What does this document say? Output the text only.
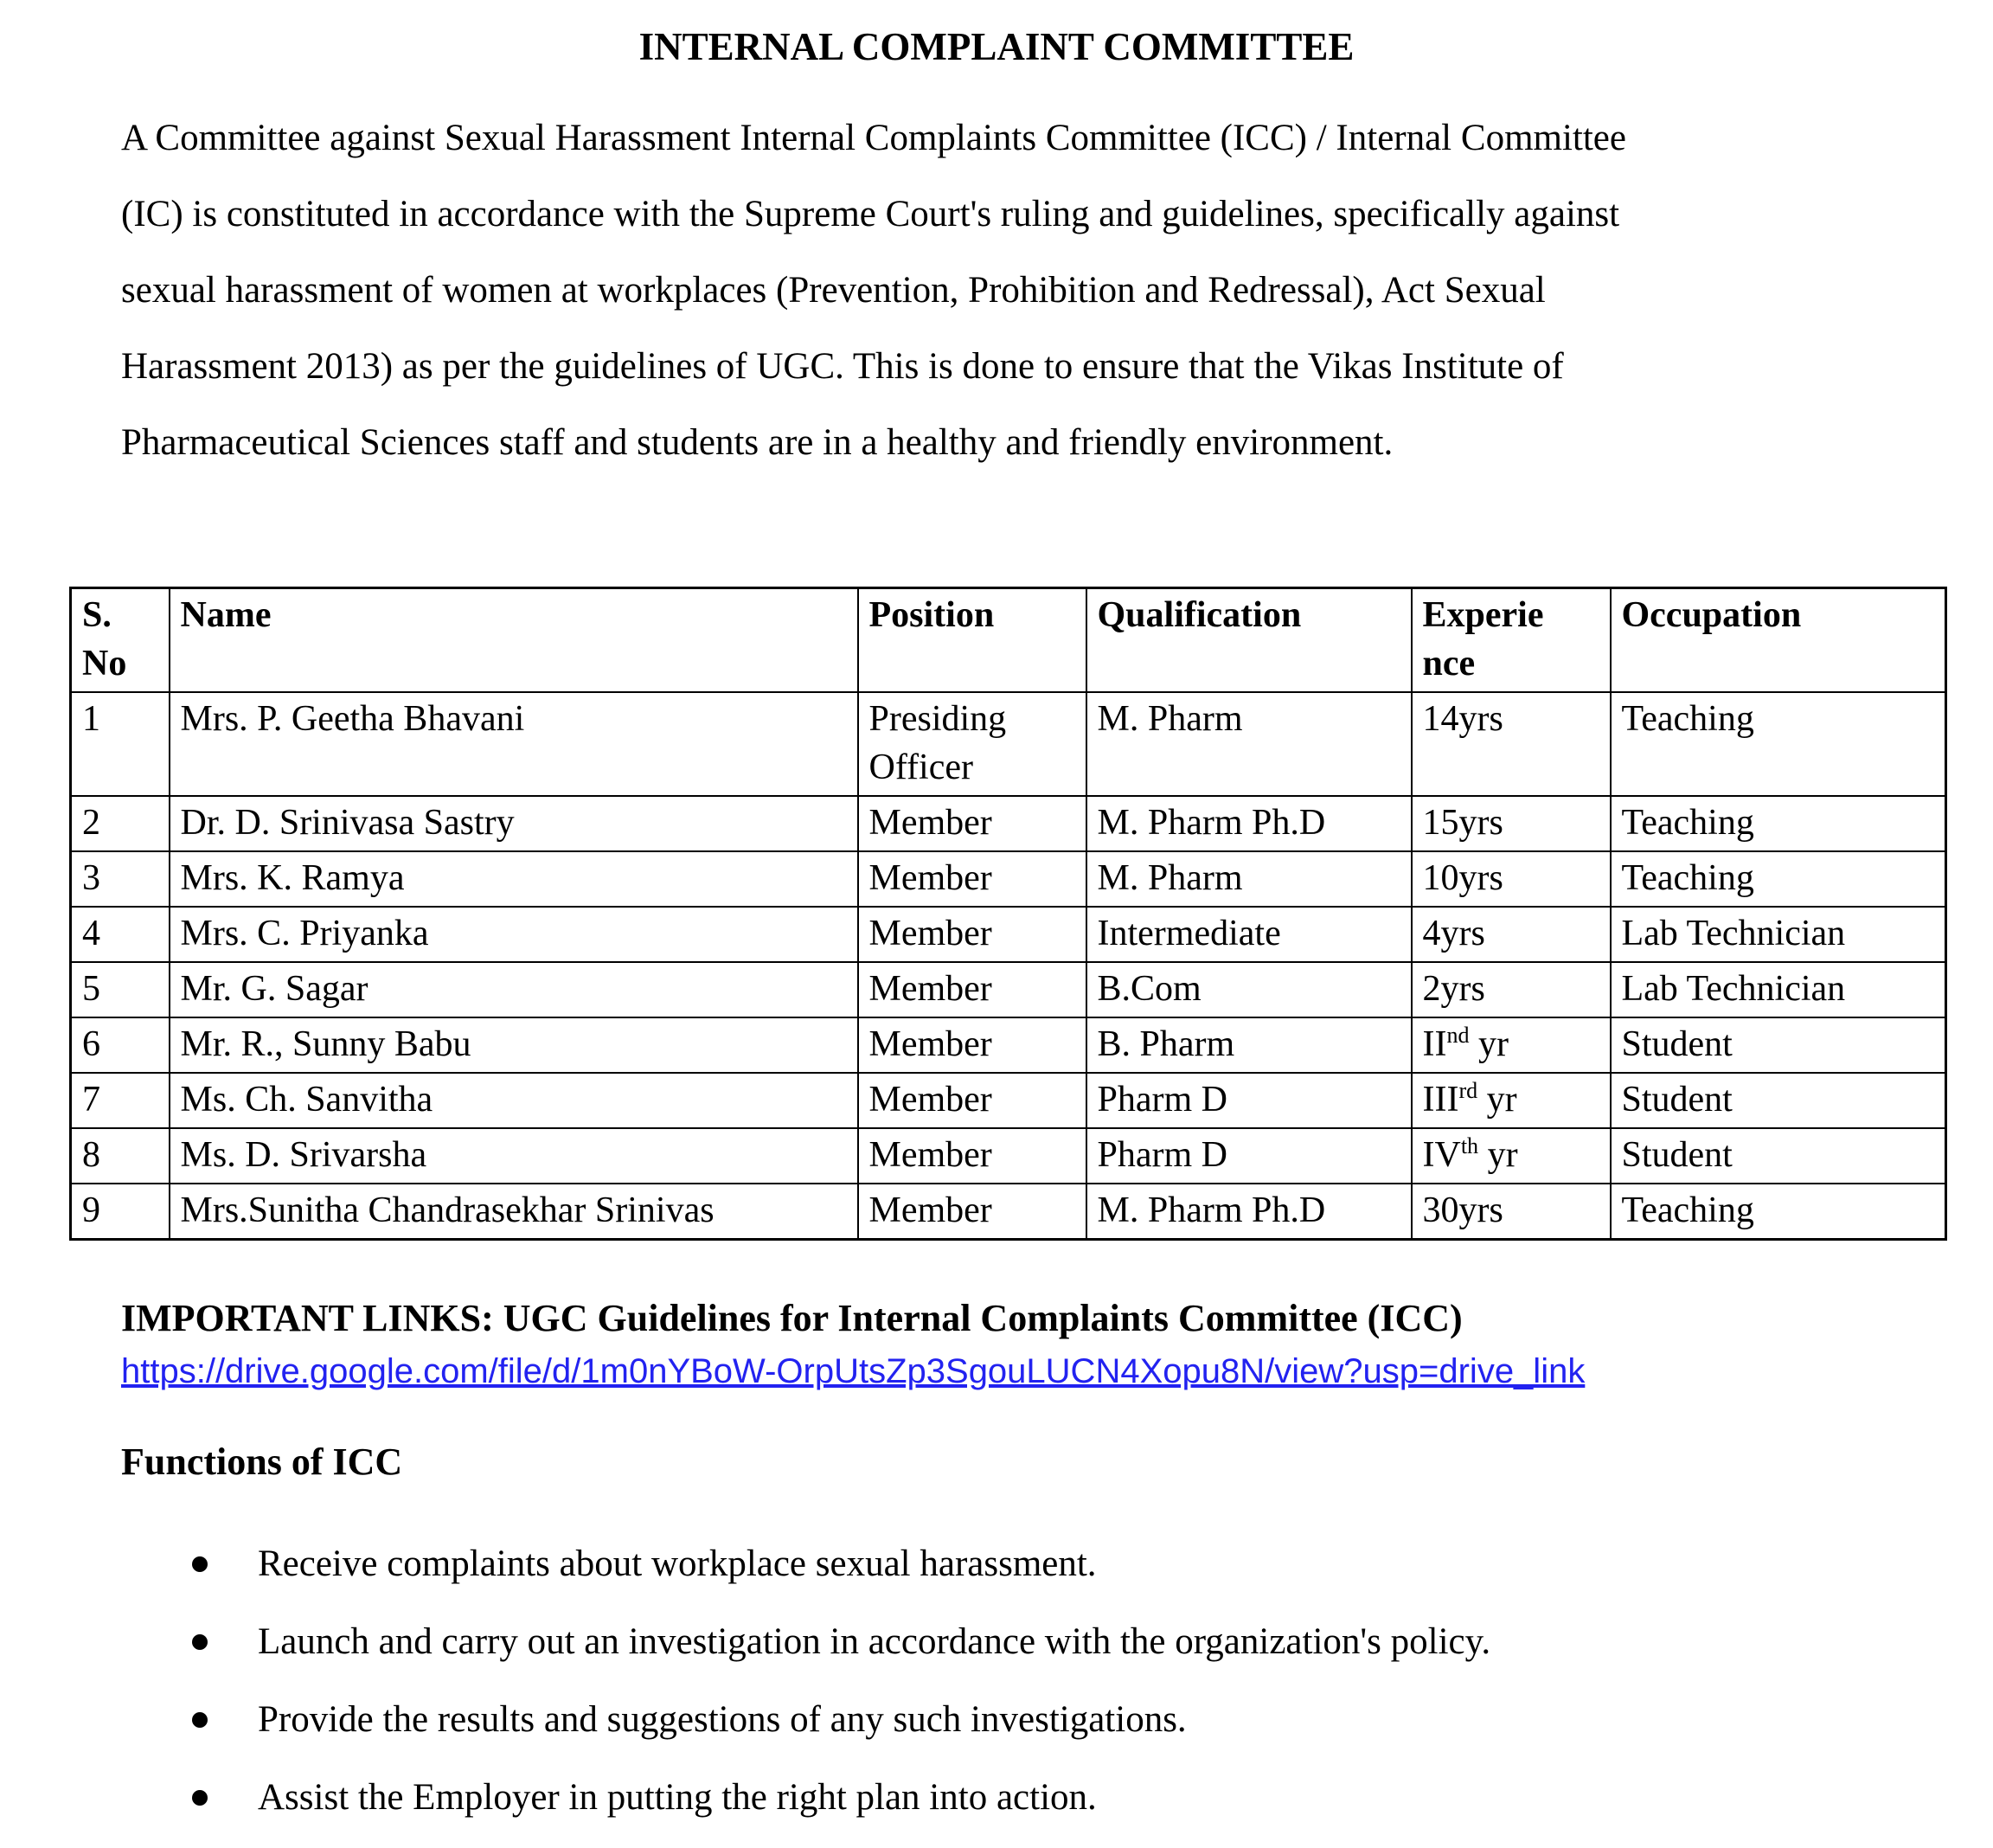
INTERNAL COMPLAINT COMMITTEE
A Committee against Sexual Harassment Internal Complaints Committee (ICC) / Internal Committee
(IC) is constituted in accordance with the Supreme Court's ruling and guidelines, specifically against
sexual harassment of women at workplaces (Prevention, Prohibition and Redressal), Act Sexual
Harassment 2013) as per the guidelines of UGC. This is done to ensure that the Vikas Institute of
Pharmaceutical Sciences staff and students are in a healthy and friendly environment.
S. No	Name	Position	Qualification	Experience	Occupation
1	Mrs. P. Geetha Bhavani	Presiding Officer	M. Pharm	14yrs	Teaching
2	Dr. D. Srinivasa Sastry	Member	M. Pharm Ph.D	15yrs	Teaching
3	Mrs. K. Ramya	Member	M. Pharm	10yrs	Teaching
4	Mrs. C. Priyanka	Member	Intermediate	4yrs	Lab Technician
5	Mr. G. Sagar	Member	B.Com	2yrs	Lab Technician
6	Mr. R., Sunny Babu	Member	B. Pharm	IInd yr	Student
7	Ms. Ch. Sanvitha	Member	Pharm D	IIIrd yr	Student
8	Ms. D. Srivarsha	Member	Pharm D	IVth yr	Student
9	Mrs.Sunitha Chandrasekhar Srinivas	Member	M. Pharm Ph.D	30yrs	Teaching
IMPORTANT LINKS: UGC Guidelines for Internal Complaints Committee (ICC)
https://drive.google.com/file/d/1m0nYBoW-OrpUtsZp3SgouLUCN4Xopu8N/view?usp=drive_link
Functions of ICC
Receive complaints about workplace sexual harassment.
Launch and carry out an investigation in accordance with the organization's policy.
Provide the results and suggestions of any such investigations.
Assist the Employer in putting the right plan into action.
